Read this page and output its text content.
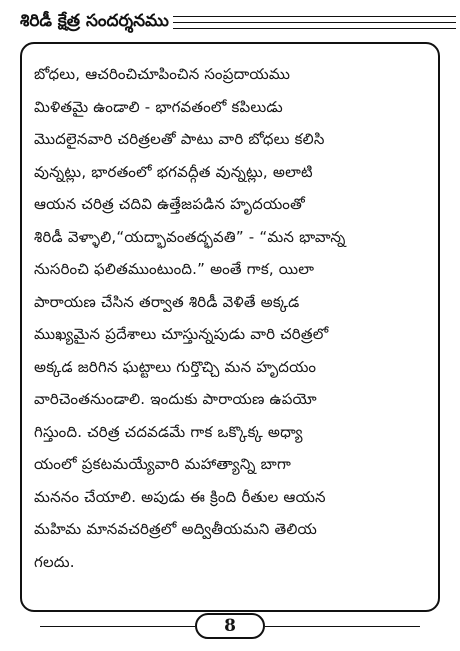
శిరిడీ క్షేత్ర సందర్శనము
బోధలు, ఆచరించిచూపించిన సంప్రదాయము
మిళితమై ఉండాలి - భాగవతంలో కపిలుడు
మొదలైనవారి చరిత్రలతో పాటు వారి బోధలు కలిసి
వున్నట్లు, భారతంలో భగవద్గీత వున్నట్లు, అలాటి
ఆయన చరిత్ర చదివి ఉత్తేజపడిన హృదయంతో
శిరిడీ వెళ్ళాలి,“యద్భావంతద్భవతి” - “మన భావాన్న
నుసరించి ఫలితముంటుంది.” అంతే గాక, యిలా
పారాయణ చేసిన తర్వాత శిరిడీ వెళితే అక్కడ
ముఖ్యమైన ప్రదేశాలు చూస్తున్నపుడు వారి చరిత్రలో
అక్కడ జరిగిన ఘట్టాలు గుర్తొచ్చి మన హృదయం
వారిచెంతనుండాలి. ఇందుకు పారాయణ ఉపయో
గిస్తుంది. చరిత్ర చదవడమే గాక ఒక్కొక్క అధ్యా
యంలో ప్రకటమయ్యేవారి మహాత్యాన్ని బాగా
మననం చేయాలి. అపుడు ఈ క్రింది రీతుల ఆయన
మహిమ మానవచరిత్రలో అద్వితీయమని తెలియ
గలదు.
8
